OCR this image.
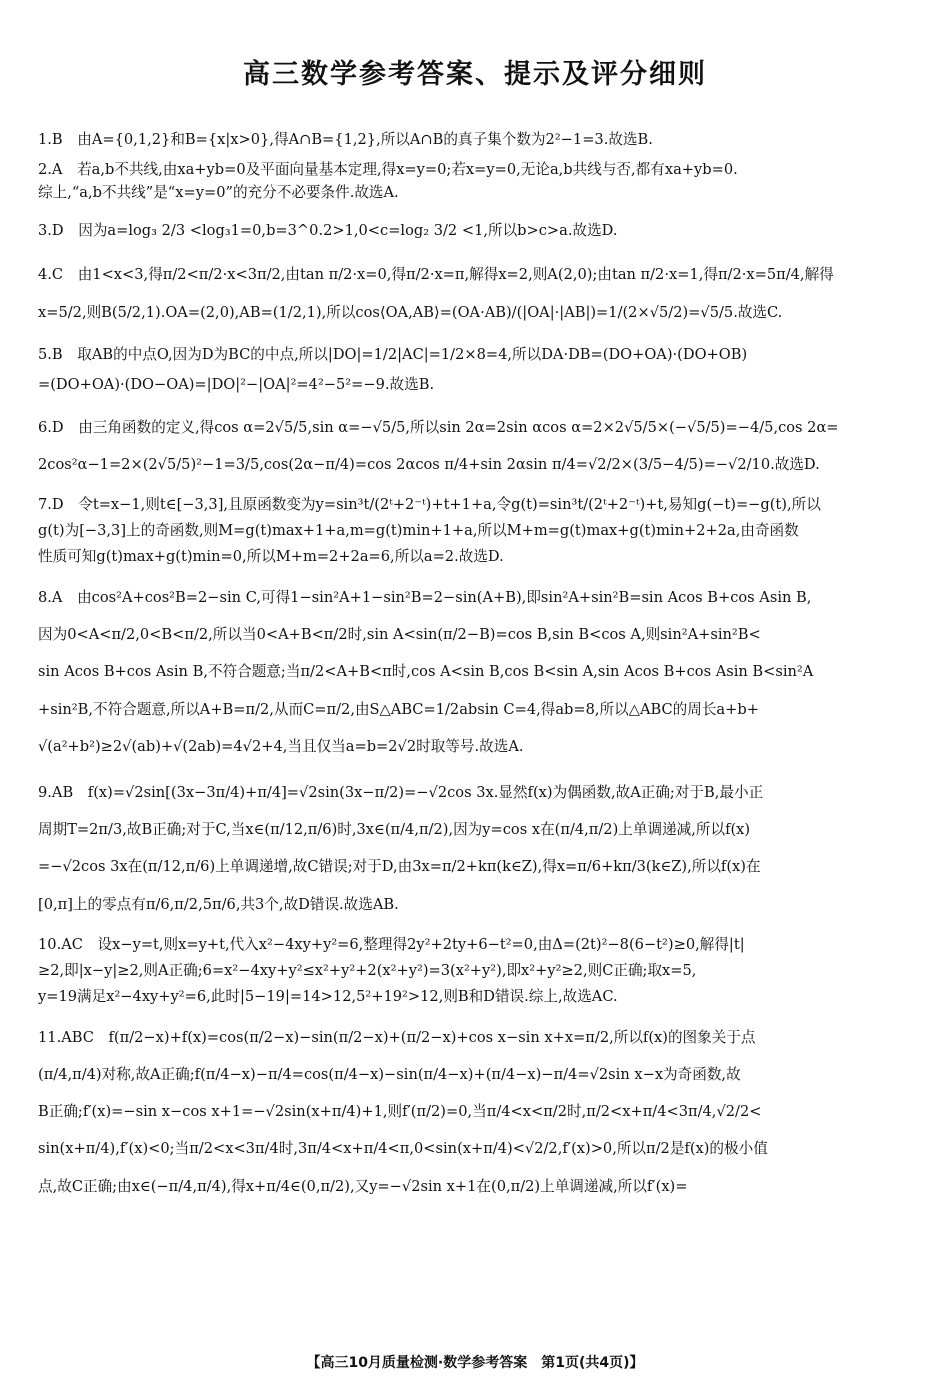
高三数学参考答案、提示及评分细则

1.B　 由A={0,1,2}和B={x|x>0},得A∩B={1,2},所以A∩B的真子集个数为2²−1=3.故选B.

2.A　 若a,b不共线,由xa+yb=0及平面向量基本定理,得x=y=0;若x=y=0,无论a,b共线与否,都有xa+yb=0.

综上,“a,b不共线”是“x=y=0”的充分不必要条件.故选A.

3.D　 因为a=log₃ 2/3 <log₃1=0,b=3^0.2>1,0<c=log₂ 3/2 <1,所以b>c>a.故选D.

4.C　 由1<x<3,得π/2<π/2·x<3π/2,由tan π/2·x=0,得π/2·x=π,解得x=2,则A(2,0);由tan π/2·x=1,得π/2·x=5π/4,解得

x=5/2,则B(5/2,1).OA=(2,0),AB=(1/2,1),所以cos⟨OA,AB⟩=(OA·AB)/(|OA|·|AB|)=1/(2×√5/2)=√5/5.故选C.

5.B　 取AB的中点O,因为D为BC的中点,所以|DO|=1/2|AC|=1/2×8=4,所以DA·DB=(DO+OA)·(DO+OB)

=(DO+OA)·(DO−OA)=|DO|²−|OA|²=4²−5²=−9.故选B.

6.D　 由三角函数的定义,得cos α=2√5/5,sin α=−√5/5,所以sin 2α=2sin αcos α=2×2√5/5×(−√5/5)=−4/5,cos 2α=

2cos²α−1=2×(2√5/5)²−1=3/5,cos(2α−π/4)=cos 2αcos π/4+sin 2αsin π/4=√2/2×(3/5−4/5)=−√2/10.故选D.

7.D　 令t=x−1,则t∈[−3,3],且原函数变为y=sin³t/(2ᵗ+2⁻ᵗ)+t+1+a,令g(t)=sin³t/(2ᵗ+2⁻ᵗ)+t,易知g(−t)=−g(t),所以

g(t)为[−3,3]上的奇函数,则M=g(t)max+1+a,m=g(t)min+1+a,所以M+m=g(t)max+g(t)min+2+2a,由奇函数

性质可知g(t)max+g(t)min=0,所以M+m=2+2a=6,所以a=2.故选D.

8.A　 由cos²A+cos²B=2−sin C,可得1−sin²A+1−sin²B=2−sin(A+B),即sin²A+sin²B=sin Acos B+cos Asin B,

因为0<A<π/2,0<B<π/2,所以当0<A+B<π/2时,sin A<sin(π/2−B)=cos B,sin B<cos A,则sin²A+sin²B<

sin Acos B+cos Asin B,不符合题意;当π/2<A+B<π时,cos A<sin B,cos B<sin A,sin Acos B+cos Asin B<sin²A

+sin²B,不符合题意,所以A+B=π/2,从而C=π/2,由S△ABC=1/2absin C=4,得ab=8,所以△ABC的周长a+b+

√(a²+b²)≥2√(ab)+√(2ab)=4√2+4,当且仅当a=b=2√2时取等号.故选A.

9.AB　 f(x)=√2sin[(3x−3π/4)+π/4]=√2sin(3x−π/2)=−√2cos 3x.显然f(x)为偶函数,故A正确;对于B,最小正

周期T=2π/3,故B正确;对于C,当x∈(π/12,π/6)时,3x∈(π/4,π/2),因为y=cos x在(π/4,π/2)上单调递减,所以f(x)

=−√2cos 3x在(π/12,π/6)上单调递增,故C错误;对于D,由3x=π/2+kπ(k∈Z),得x=π/6+kπ/3(k∈Z),所以f(x)在

[0,π]上的零点有π/6,π/2,5π/6,共3个,故D错误.故选AB.

10.AC　 设x−y=t,则x=y+t,代入x²−4xy+y²=6,整理得2y²+2ty+6−t²=0,由Δ=(2t)²−8(6−t²)≥0,解得|t|

≥2,即|x−y|≥2,则A正确;6=x²−4xy+y²≤x²+y²+2(x²+y²)=3(x²+y²),即x²+y²≥2,则C正确;取x=5,

y=19满足x²−4xy+y²=6,此时|5−19|=14>12,5²+19²>12,则B和D错误.综上,故选AC.

11.ABC　 f(π/2−x)+f(x)=cos(π/2−x)−sin(π/2−x)+(π/2−x)+cos x−sin x+x=π/2,所以f(x)的图象关于点

(π/4,π/4)对称,故A正确;f(π/4−x)−π/4=cos(π/4−x)−sin(π/4−x)+(π/4−x)−π/4=√2sin x−x为奇函数,故

B正确;f′(x)=−sin x−cos x+1=−√2sin(x+π/4)+1,则f′(π/2)=0,当π/4<x<π/2时,π/2<x+π/4<3π/4,√2/2<

sin(x+π/4),f′(x)<0;当π/2<x<3π/4时,3π/4<x+π/4<π,0<sin(x+π/4)<√2/2,f′(x)>0,所以π/2是f(x)的极小值

点,故C正确;由x∈(−π/4,π/4),得x+π/4∈(0,π/2),又y=−√2sin x+1在(0,π/2)上单调递减,所以f′(x)=

【高三10月质量检测·数学参考答案　第1页(共4页)】
